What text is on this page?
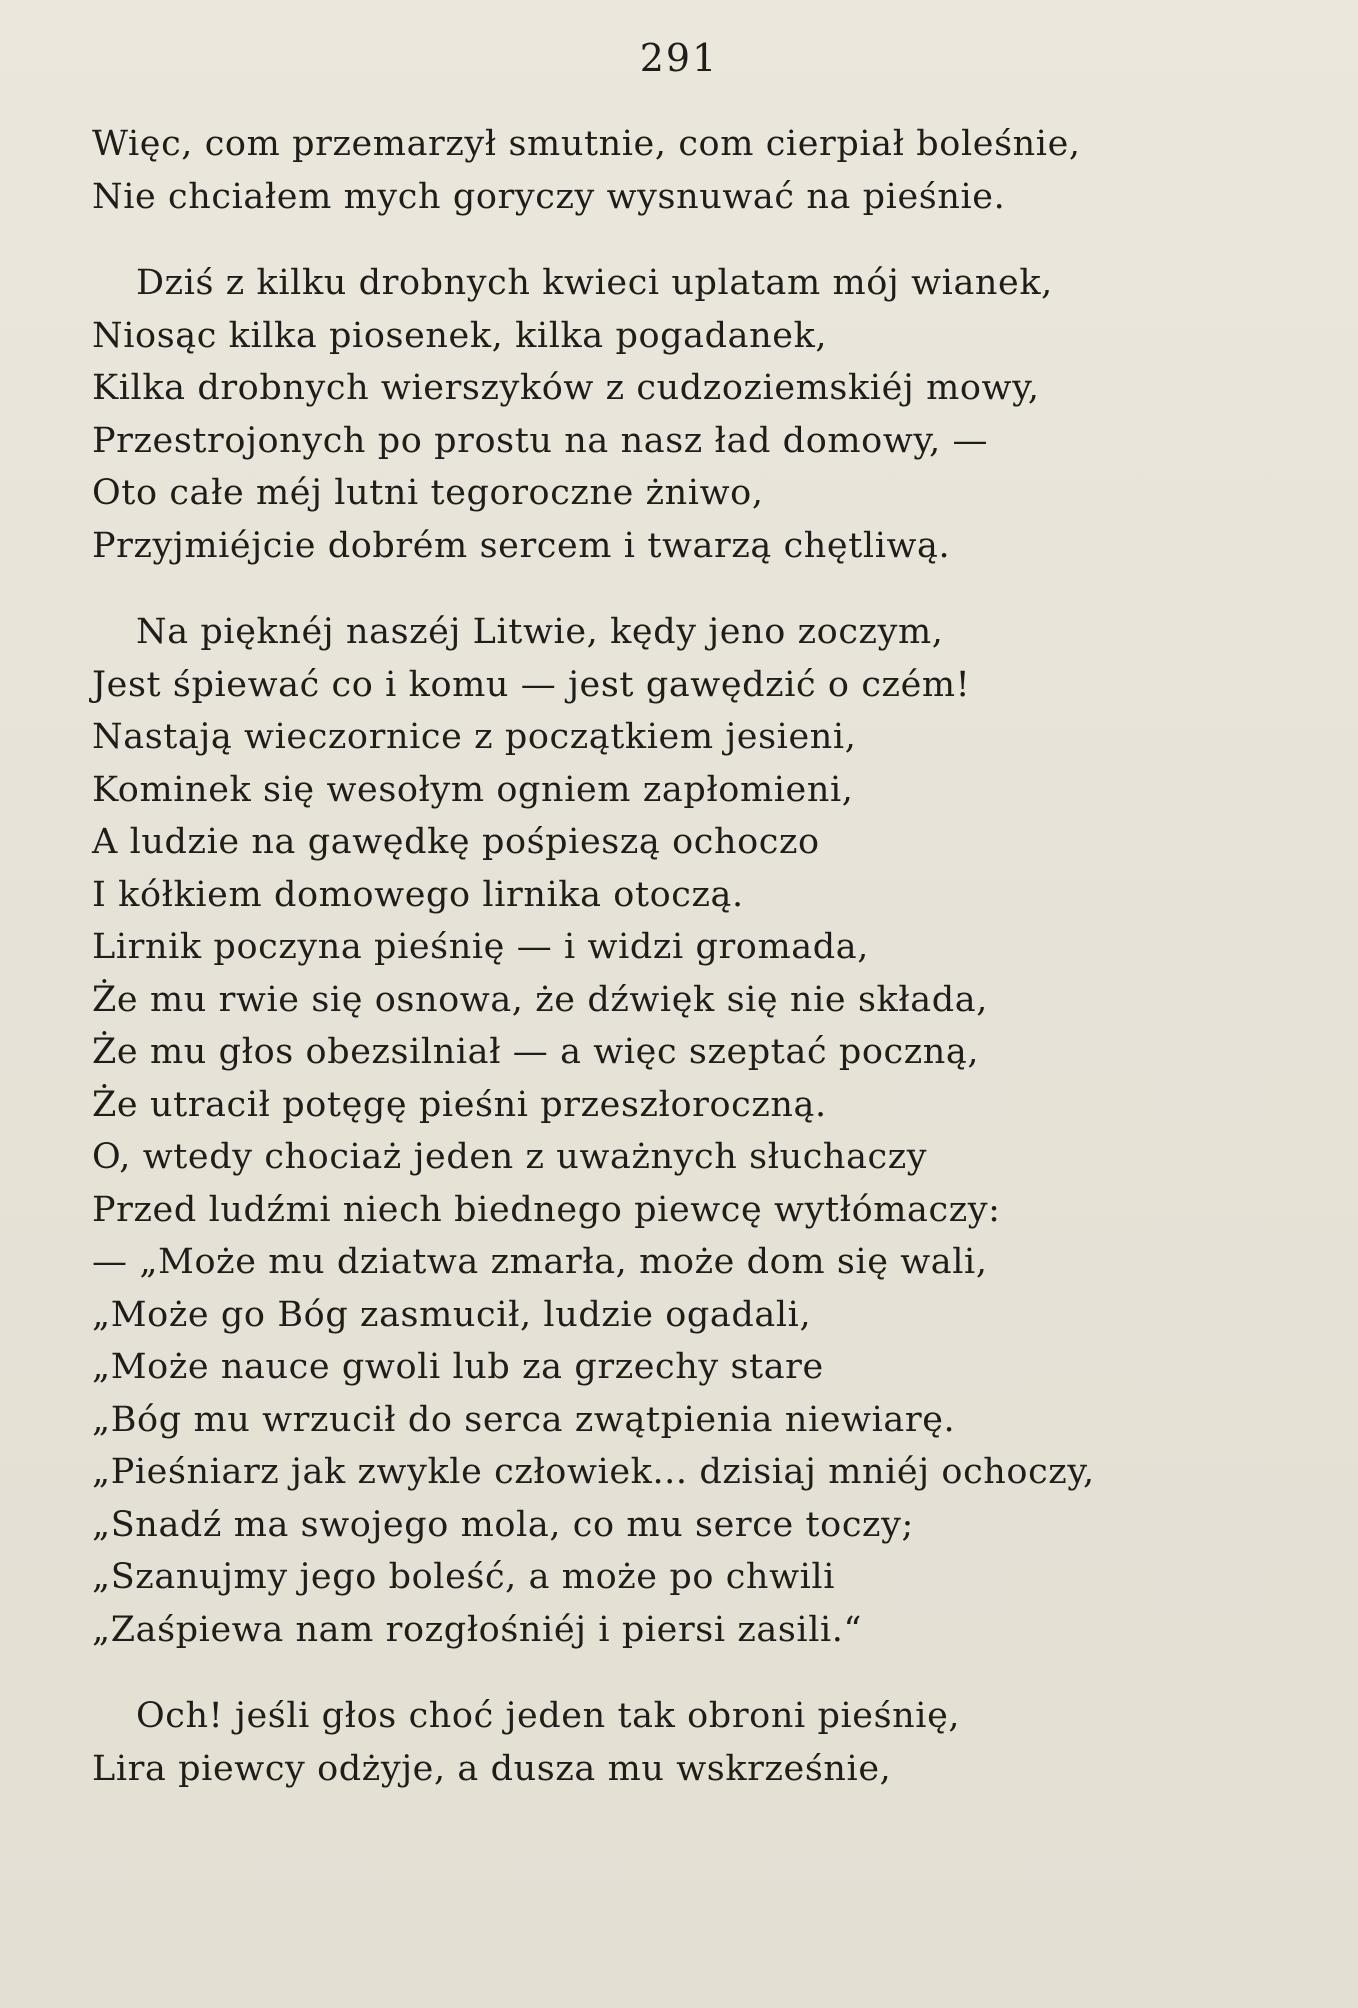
291
Więc, com przemarzył smutnie, com cierpiał boleśnie,
Nie chciałem mych goryczy wysnuwać na pieśnie.
Dziś z kilku drobnych kwieci uplatam mój wianek,
Niosąc kilka piosenek, kilka pogadanek,
Kilka drobnych wierszyków z cudzoziemskiéj mowy,
Przestrojonych po prostu na nasz ład domowy, —
Oto całe méj lutni tegoroczne żniwo,
Przyjmiéjcie dobrém sercem i twarzą chętliwą.
Na pięknéj naszéj Litwie, kędy jeno zoczym,
Jest śpiewać co i komu — jest gawędzić o czém!
Nastają wieczornice z początkiem jesieni,
Kominek się wesołym ogniem zapłomieni,
A ludzie na gawędkę pośpieszą ochoczo
I kółkiem domowego lirnika otoczą.
Lirnik poczyna pieśnię — i widzi gromada,
Że mu rwie się osnowa, że dźwięk się nie składa,
Że mu głos obezsilniał — a więc szeptać poczną,
Że utracił potęgę pieśni przeszłoroczną.
O, wtedy chociaż jeden z uważnych słuchaczy
Przed ludźmi niech biednego piewcę wytłómaczy:
— „Może mu dziatwa zmarła, może dom się wali,
„Może go Bóg zasmucił, ludzie ogadali,
„Może naucе gwoli lub za grzechy stare
„Bóg mu wrzucił do serca zwątpienia niewiarę.
„Pieśniarz jak zwykle człowiek... dzisiaj mniéj ochoczy,
„Snadź ma swojego mola, co mu serce toczy;
„Szanujmy jego boleść, a może po chwili
„Zaśpiewa nam rozgłośniéj i piersi zasili.“
Och! jeśli głos choć jeden tak obroni pieśnię,
Lira piewcy odżyje, a dusza mu wskrześnie,
